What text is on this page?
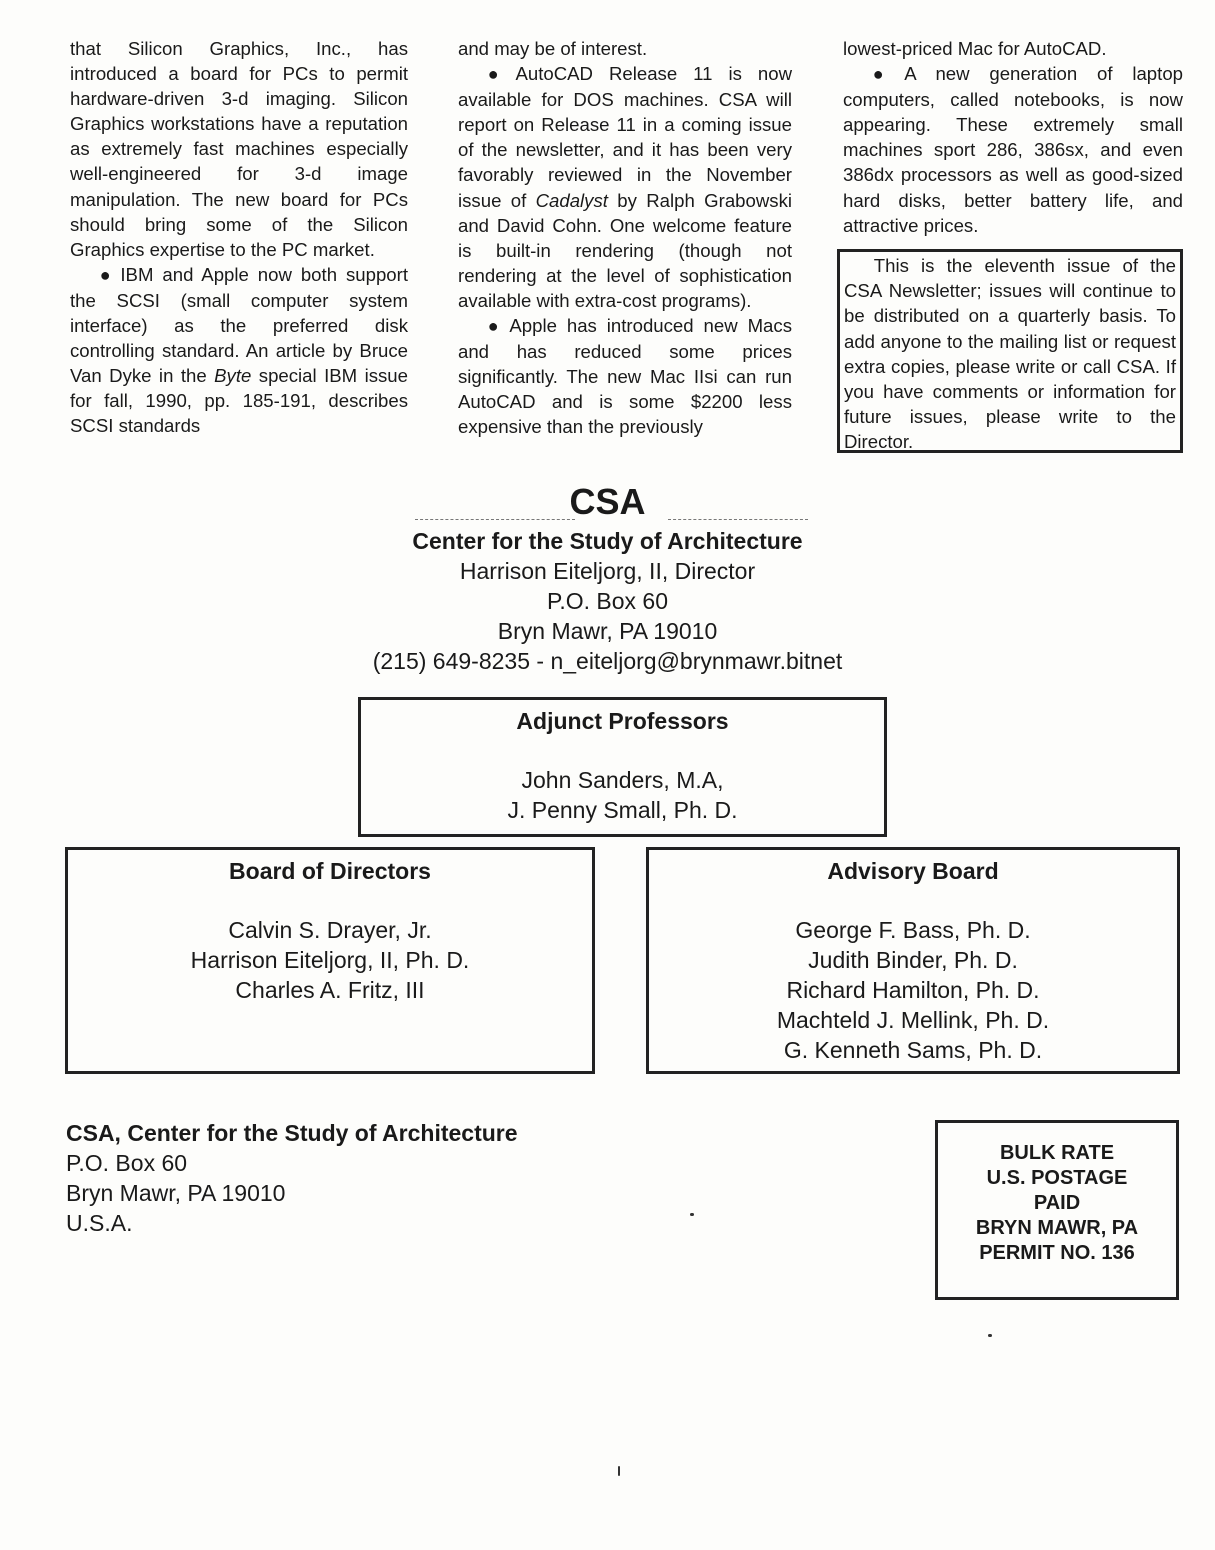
that Silicon Graphics, Inc., has introduced a board for PCs to permit hardware-driven 3-d imaging. Silicon Graphics workstations have a reputation as extremely fast machines especially well-engineered for 3-d image manipulation. The new board for PCs should bring some of the Silicon Graphics expertise to the PC market.

● IBM and Apple now both support the SCSI (small computer system interface) as the preferred disk controlling standard. An article by Bruce Van Dyke in the Byte special IBM issue for fall, 1990, pp. 185-191, describes SCSI standards

and may be of interest.

● AutoCAD Release 11 is now available for DOS machines. CSA will report on Release 11 in a coming issue of the newsletter, and it has been very favorably reviewed in the November issue of Cadalyst by Ralph Grabowski and David Cohn. One welcome feature is built-in rendering (though not rendering at the level of sophistication available with extra-cost programs).

● Apple has introduced new Macs and has reduced some prices significantly. The new Mac IIsi can run AutoCAD and is some $2200 less expensive than the previously

lowest-priced Mac for AutoCAD.

● A new generation of laptop computers, called notebooks, is now appearing. These extremely small machines sport 286, 386sx, and even 386dx processors as well as good-sized hard disks, better battery life, and attractive prices.

This is the eleventh issue of the CSA Newsletter; issues will continue to be distributed on a quarterly basis. To add anyone to the mailing list or request extra copies, please write or call CSA. If you have comments or information for future issues, please write to the Director.

CSA
Center for the Study of Architecture
Harrison Eiteljorg, II, Director
P.O. Box 60
Bryn Mawr, PA 19010
(215) 649-8235 - n_eiteljorg@brynmawr.bitnet
Adjunct Professors
John Sanders, M.A,
J. Penny Small, Ph. D.
Board of Directors
Calvin S. Drayer, Jr.
Harrison Eiteljorg, II, Ph. D.
Charles A. Fritz, III
Advisory Board
George F. Bass, Ph. D.
Judith Binder, Ph. D.
Richard Hamilton, Ph. D.
Machteld J. Mellink, Ph. D.
G. Kenneth Sams, Ph. D.
CSA, Center for the Study of Architecture
P.O. Box 60
Bryn Mawr, PA 19010
U.S.A.
BULK RATE
U.S. POSTAGE
PAID
BRYN MAWR, PA
PERMIT NO. 136
